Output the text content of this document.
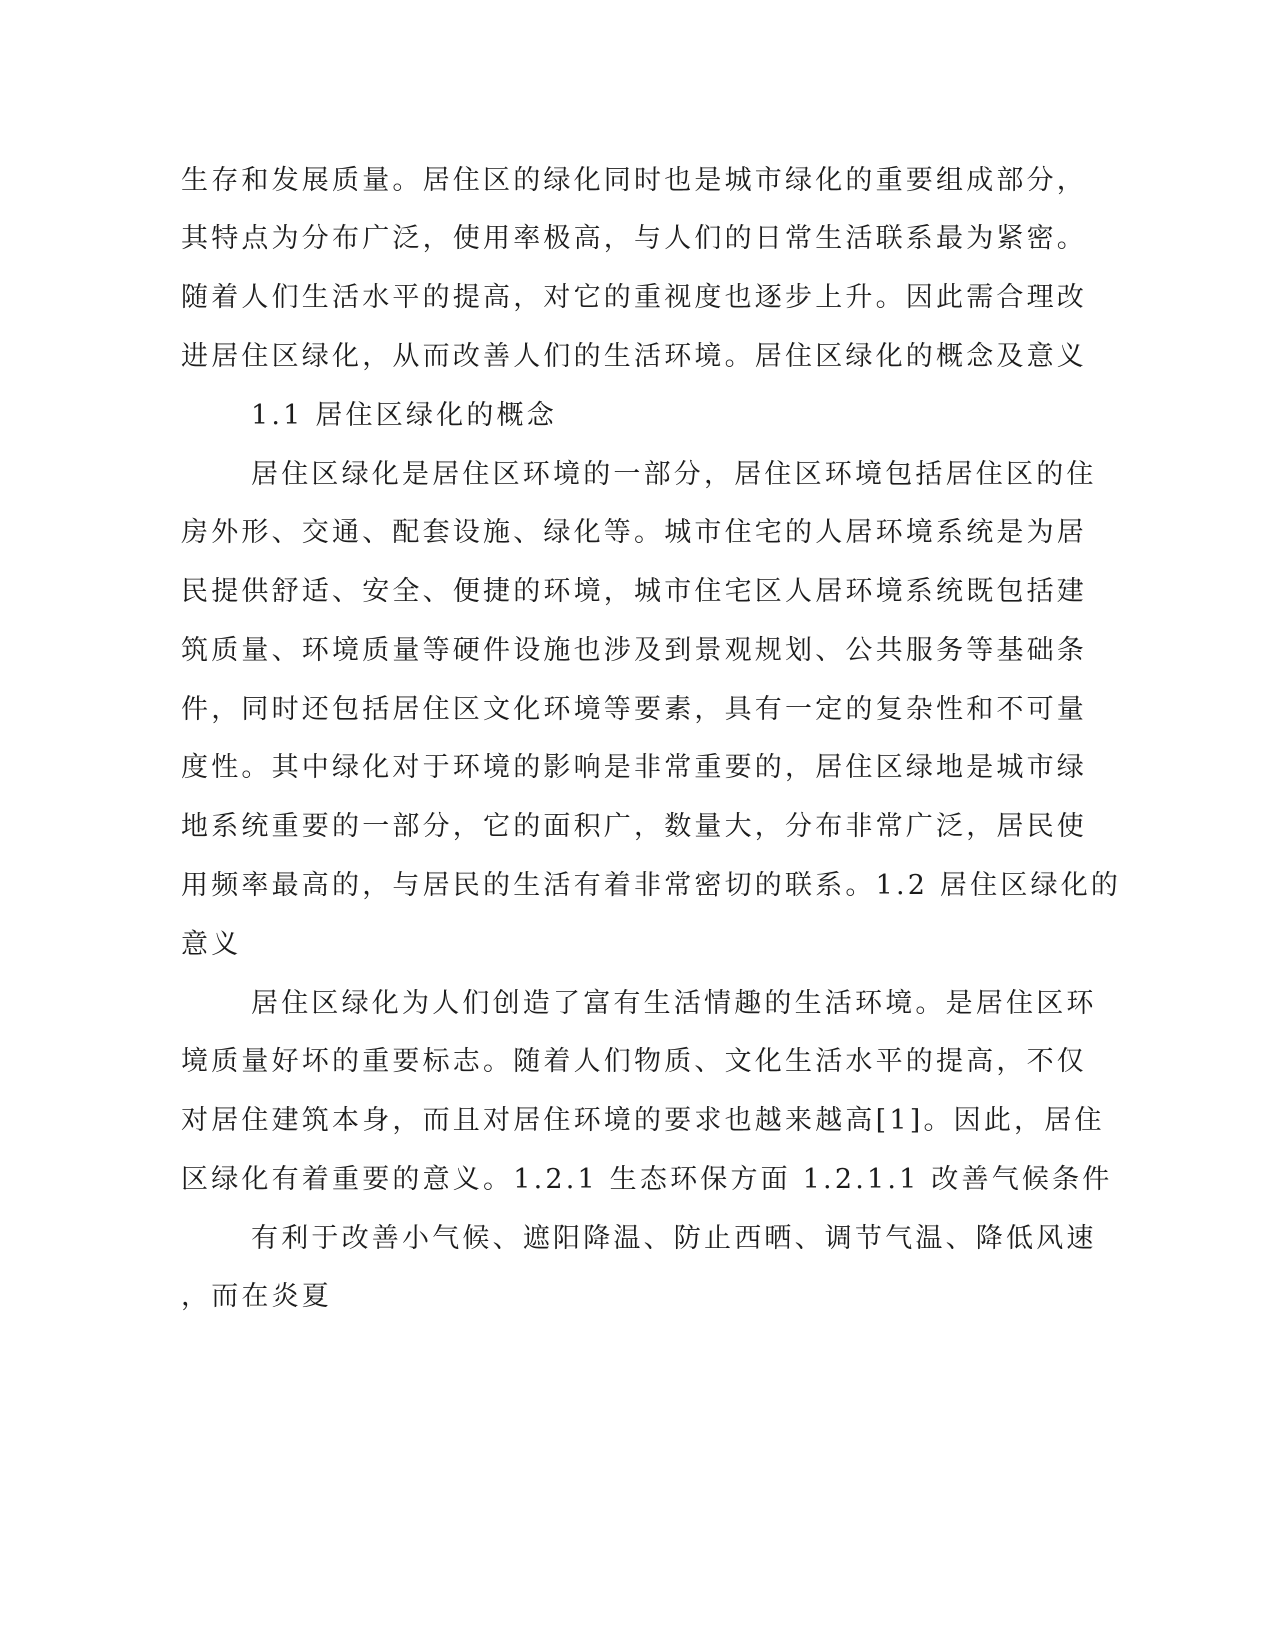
生存和发展质量。居住区的绿化同时也是城市绿化的重要组成部分，
其特点为分布广泛，使用率极高，与人们的日常生活联系最为紧密。
随着人们生活水平的提高，对它的重视度也逐步上升。因此需合理改
进居住区绿化，从而改善人们的生活环境。居住区绿化的概念及意义
1.1 居住区绿化的概念
居住区绿化是居住区环境的一部分，居住区环境包括居住区的住
房外形、交通、配套设施、绿化等。城市住宅的人居环境系统是为居
民提供舒适、安全、便捷的环境，城市住宅区人居环境系统既包括建
筑质量、环境质量等硬件设施也涉及到景观规划、公共服务等基础条
件，同时还包括居住区文化环境等要素，具有一定的复杂性和不可量
度性。其中绿化对于环境的影响是非常重要的，居住区绿地是城市绿
地系统重要的一部分，它的面积广，数量大，分布非常广泛，居民使
用频率最高的，与居民的生活有着非常密切的联系。1.2 居住区绿化的
意义
居住区绿化为人们创造了富有生活情趣的生活环境。是居住区环
境质量好坏的重要标志。随着人们物质、文化生活水平的提高，不仅
对居住建筑本身，而且对居住环境的要求也越来越高[1]。因此，居住
区绿化有着重要的意义。1.2.1 生态环保方面 1.2.1.1 改善气候条件
有利于改善小气候、遮阳降温、防止西晒、调节气温、降低风速
，而在炎夏
